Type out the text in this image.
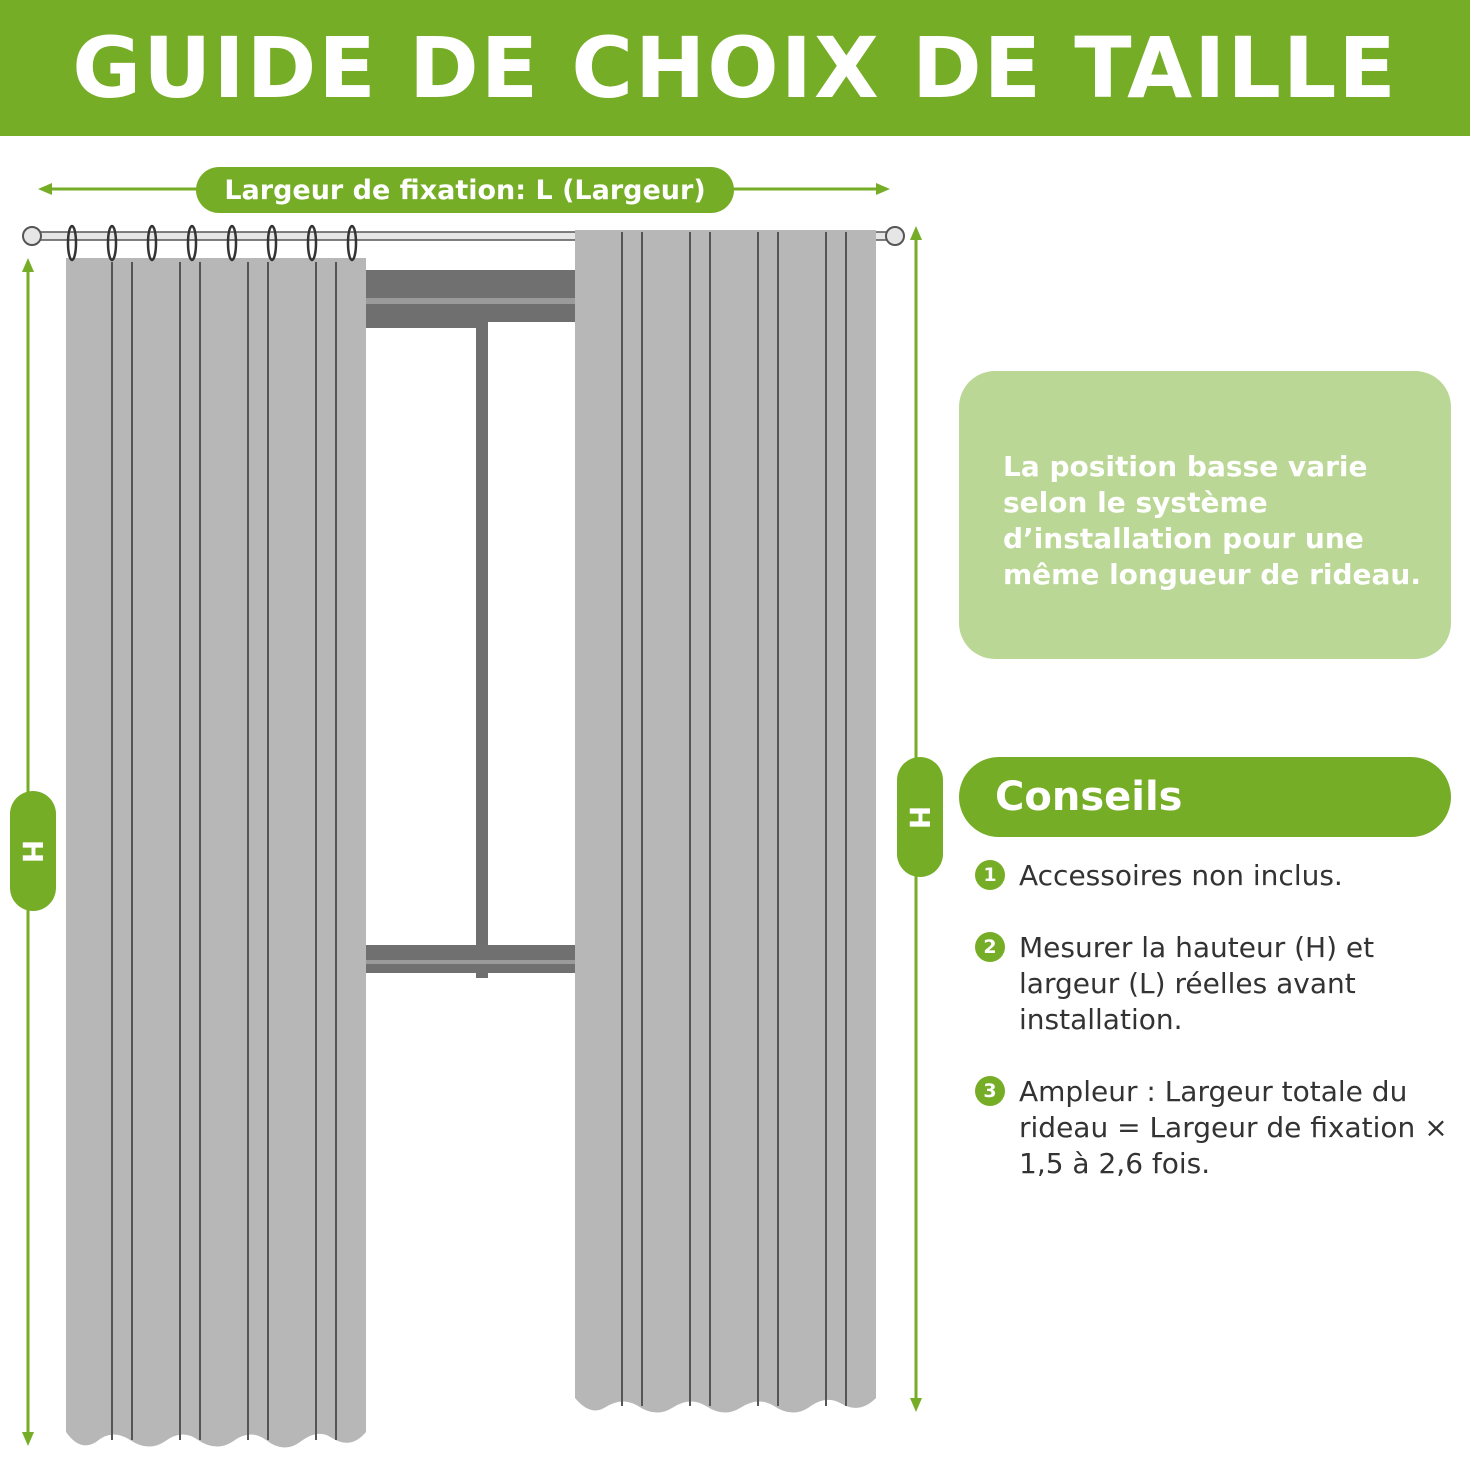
GUIDE DE CHOIX DE TAILLE
Largeur de fixation: L (Largeur)
H
H
La position basse varie selon le système d’installation pour une même longueur de rideau.
Conseils
1 Accessoires non inclus.
2 Mesurer la hauteur (H) et largeur (L) réelles avant installation.
3 Ampleur : Largeur totale du rideau = Largeur de fixation × 1,5 à 2,6 fois.
